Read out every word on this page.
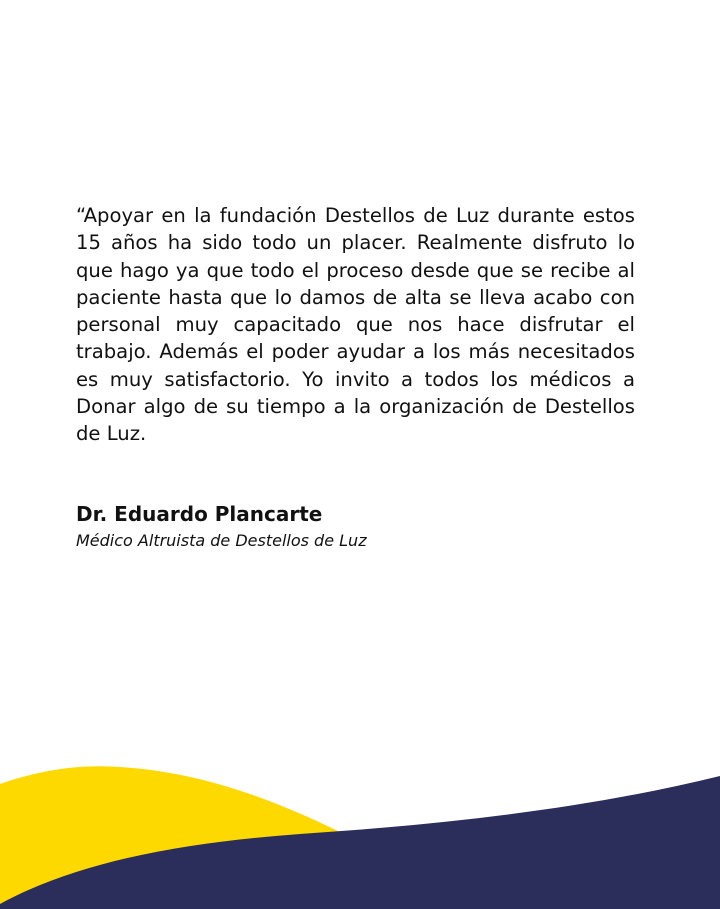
“Apoyar en la fundación Destellos de Luz durante estos 15 años ha sido todo un placer. Realmente disfruto lo que hago ya que todo el proceso desde que se recibe al paciente hasta que lo damos de alta se lleva acabo con personal muy capacitado que nos hace disfrutar el trabajo. Además el poder ayudar a los más necesitados es muy satisfactorio. Yo invito a todos los médicos a Donar algo de su tiempo a la organización de Destellos de Luz.

Dr. Eduardo Plancarte

Médico Altruista de Destellos de Luz
